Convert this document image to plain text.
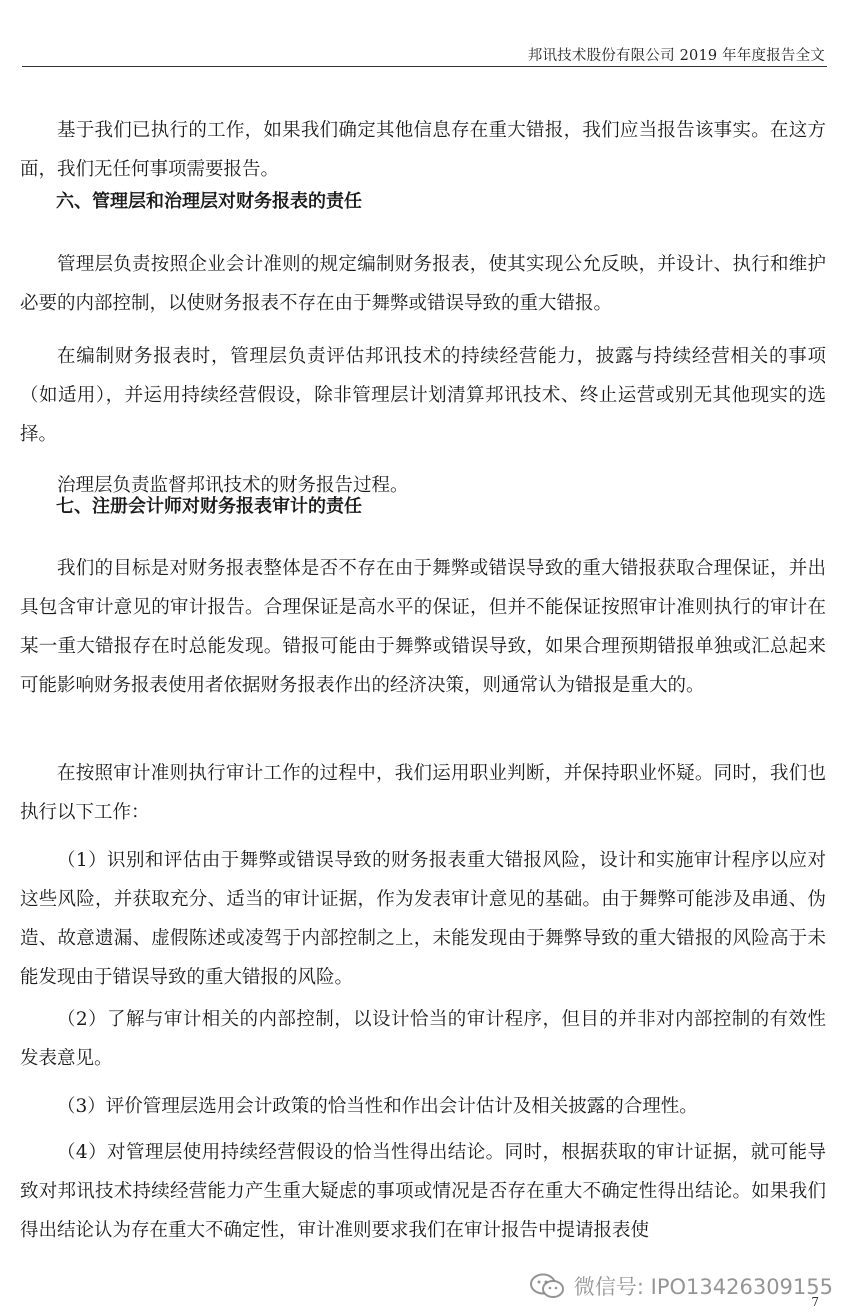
邦讯技术股份有限公司 2019 年年度报告全文

基于我们已执行的工作，如果我们确定其他信息存在重大错报，我们应当报告该事实。在这方面，我们无任何事项需要报告。

六、管理层和治理层对财务报表的责任

管理层负责按照企业会计准则的规定编制财务报表，使其实现公允反映，并设计、执行和维护必要的内部控制，以使财务报表不存在由于舞弊或错误导致的重大错报。

在编制财务报表时，管理层负责评估邦讯技术的持续经营能力，披露与持续经营相关的事项（如适用），并运用持续经营假设，除非管理层计划清算邦讯技术、终止运营或别无其他现实的选择。

治理层负责监督邦讯技术的财务报告过程。

七、注册会计师对财务报表审计的责任

我们的目标是对财务报表整体是否不存在由于舞弊或错误导致的重大错报获取合理保证，并出具包含审计意见的审计报告。合理保证是高水平的保证，但并不能保证按照审计准则执行的审计在某一重大错报存在时总能发现。错报可能由于舞弊或错误导致，如果合理预期错报单独或汇总起来可能影响财务报表使用者依据财务报表作出的经济决策，则通常认为错报是重大的。

在按照审计准则执行审计工作的过程中，我们运用职业判断，并保持职业怀疑。同时，我们也执行以下工作：

（1）识别和评估由于舞弊或错误导致的财务报表重大错报风险，设计和实施审计程序以应对这些风险，并获取充分、适当的审计证据，作为发表审计意见的基础。由于舞弊可能涉及串通、伪造、故意遗漏、虚假陈述或凌驾于内部控制之上，未能发现由于舞弊导致的重大错报的风险高于未能发现由于错误导致的重大错报的风险。

（2）了解与审计相关的内部控制，以设计恰当的审计程序，但目的并非对内部控制的有效性发表意见。

（3）评价管理层选用会计政策的恰当性和作出会计估计及相关披露的合理性。

（4）对管理层使用持续经营假设的恰当性得出结论。同时，根据获取的审计证据，就可能导致对邦讯技术持续经营能力产生重大疑虑的事项或情况是否存在重大不确定性得出结论。如果我们得出结论认为存在重大不确定性，审计准则要求我们在审计报告中提请报表使

微信号: IPO13426309155
7
